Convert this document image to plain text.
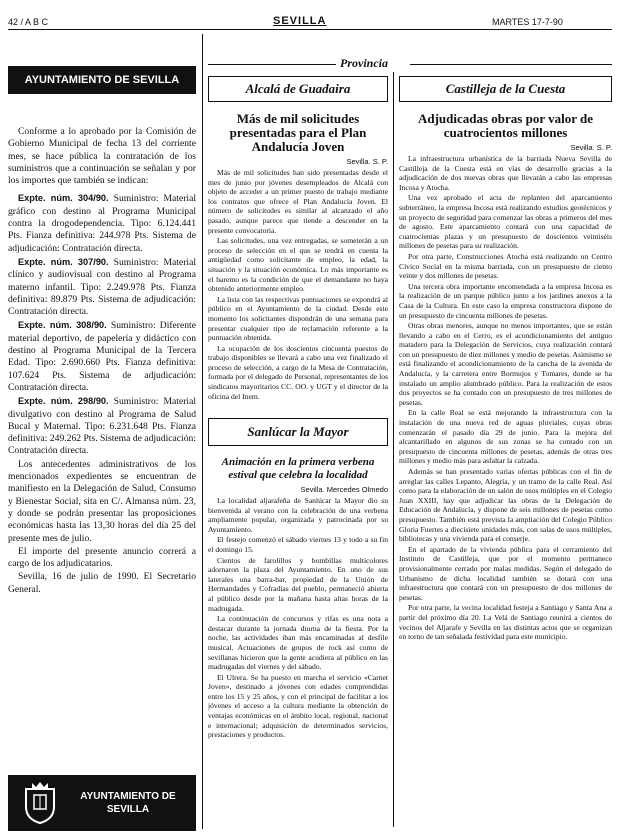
42 / A B C	SEVILLA	MARTES 17-7-90
Provincia
AYUNTAMIENTO DE SEVILLA

Conforme a lo aprobado por la Comisión de Gobierno Municipal de fecha 13 del corriente mes, se hace pública la contratación de los suministros que a continuación se señalan y por los importes que también se indican:

Expte. núm. 304/90. Suministro: Material gráfico con destino al Programa Municipal contra la drogodependencia. Tipo: 6.124.441 Pts. Fianza definitiva: 244.978 Pts. Sistema de adjudicación: Contratación directa.

Expte. núm. 307/90. Suministro: Material clínico y audiovisual con destino al Programa materno infantil. Tipo: 2.249.978 Pts. Fianza definitiva: 89.879 Pts. Sistema de adjudicación: Contratación directa.

Expte. núm. 308/90. Suministro: Diferente material deportivo, de papelería y didáctico con destino al Programa Municipal de la Tercera Edad. Tipo: 2.690.660 Pts. Fianza definitiva: 107.624 Pts. Sistema de adjudicación: Contratación directa.

Expte. núm. 298/90. Suministro: Material divulgativo con destino al Programa de Salud Bucal y Maternal. Tipo: 6.231.648 Pts. Fianza definitiva: 249.262 Pts. Sistema de adjudicación: Contratación directa.

Los antecedentes administrativos de los mencionados expedientes se encuentran de manifiesto en la Delegación de Salud, Consumo y Bienestar Social, sita en C/. Almansa núm. 23, y donde se podrán presentar las proposiciones económicas hasta las 13,30 horas del día 25 del presente mes de julio.

El importe del presente anuncio correrá a cargo de los adjudicatarios.

Sevilla, 16 de julio de 1990. El Secretario General.

AYUNTAMIENTO DE SEVILLA
Alcalá de Guadaira
Más de mil solicitudes presentadas para el Plan Andalucía Joven
Sevilla. S. P.

Más de mil solicitudes han sido presentadas desde el mes de junio por jóvenes desempleados de Alcalá con objeto de acceder a un primer puesto de trabajo mediante los contratos que ofrece el Plan Andalucía Joven. El número de solicitudes es similar al alcanzado el año pasado, aunque parece que tiende a descender en la presente convocatoria.

Las solicitudes, una vez entregadas, se someterán a un proceso de selección en el que se tendrá en cuenta la antigüedad como solicitante de empleo, la edad, la situación y la situación económica. Lo más importante es el baremo es la condición de que el demandante no haya obtenido anteriormente empleo.

La lista con las respectivas puntuaciones se expondrá al público en el Ayuntamiento de la ciudad. Desde este momento los solicitantes dispondrán de una semana para presentar cualquier tipo de reclamación referente a la puntuación obtenida.

La ocupación de los doscientos cincuenta puestos de trabajo disponibles se llevará a cabo una vez finalizado el proceso de selección, a cargo de la Mesa de Contratación, formada por el delegado de Personal, representantes de los sindicatos mayoritarios CC. OO. y UGT y el director de la oficina del Inem.

Sanlúcar la Mayor
Animación en la primera verbena estival que celebra la localidad
Sevilla. Mercedes Olmedo

La localidad aljarafeña de Sanlúcar la Mayor dio su bienvenida al verano con la celebración de una verbena ampliamente popular, organizada y patrocinada por su Ayuntamiento.

El festejo comenzó el sábado viernes 13 y todo a su fin el domingo 15.

Cientos de farolillos y bombillas multicolores adornaron la plaza del Ayuntamiento. En uno de sus laterales una barra-bar, propiedad de la Unión de Hermandades y Cofradías del pueblo, permaneció abierta al público desde por la mañana hasta altas horas de la madrugada.

La continuación de concursos y rifas es una nota a destacar durante la jornada diurna de la fiesta. Por la noche, las actividades iban más encaminadas al desfile musical. Actuaciones de grupos de rock así como de sevillanas hicieron que la gente acudiera al público en las madrugadas del viernes y del sábado.

El Ulrera. Se ha puesto en marcha el servicio «Carnet Joven», destinado a jóvenes con edades comprendidas entre los 15 y 25 años, y con el principal de facilitar a los jóvenes el acceso a la cultura mediante la obtención de ventajas económicas en el ámbito local, regional, nacional e internacional; adquisición de determinados servicios, prestaciones y productos.

Castilleja de la Cuesta
Adjudicadas obras por valor de cuatrocientos millones
Sevilla. S. P.

La infraestructura urbanística de la barriada Nueva Sevilla de Castilleja de la Cuesta está en vías de desarrollo gracias a la adjudicación de dos nuevas obras que llevarán a cabo las empresas Incosa y Atocha.

Una vez aprobado el acta de replanteo del aparcamiento subterráneo, la empresa Incosa está realizando estudios geotécnicos y un proyecto de seguridad para comenzar las obras a primeros del mes de agosto. Este aparcamiento contará con una capacidad de cuatrocientas plazas y un presupuesto de doscientos veintiséis millones de pesetas para su realización.

Por otra parte, Construcciones Atocha está realizando un Centro Cívico Social en la misma barriada, con un presupuesto de ciento veinte y dos millones de pesetas.

Una tercera obra importante encomendada a la empresa Incosa es la realización de un parque público junto a los jardines anexos a la Casa de la Cultura. En este caso la empresa constructora dispone de un presupuesto de cincuenta millones de pesetas.

Otras obras menores, aunque no menos importantes, que se están llevando a cabo en el Cerro, es el acondicionamiento del antiguo matadero para la Delegación de Servicios, cuya realización contará con un presupuesto de diez millones y medio de pesetas. Asimismo se está finalizando el acondicionamiento de la cancha de la avenida de Andalucía, y la carretera entre Bormujos y Tomares, donde se ha instalado un amplio alumbrado público. Para la realización de estos dos proyectos se ha contado con un presupuesto de tres millones de pesetas.

En la calle Real se está mejorando la infraestructura con la instalación de una nueva red de aguas pluviales, cuyas obras comenzarán el pasado día 29 de junio. Para la mejora del alcantarillado en algunos de sus zonas se ha contado con un presupuesto de cincuenta millones de pesetas, además de otras tres millones y medio más para asfaltar la calzada.

Además se han presentado varias ofertas públicas con el fin de arreglar las calles Lepanto, Alegría, y un tramo de la calle Real. Así como para la elaboración de un salón de usos múltiples en el Colegio Juan XXIII, hay que adjudicar las obras de la Delegación de Educación de Andalucía, y dispone de seis millones de pesetas como presupuesto. También está prevista la ampliación del Colegio Público Gloria Fuertes a diecisiete unidades más, con salas de usos múltiples, bibliotecas y una vivienda para el conserje.

En el apartado de la vivienda pública para el cerramiento del Instituto de Castilleja, que por el momento permanece provisionalmente cerrado por malas medidas. Según el delegado de Urbanismo de dicha localidad también se dotará con una infraestructura que contará con un presupuesto de dos millones de pesetas.

Por otra parte, la vecina localidad festeja a Santiago y Santa Ana a partir del próximo día 20. La Velá de Santiago reunirá a cientos de vecinos del Aljarafe y Sevilla en las distintas actos que se organizan en torno de tan señalada festividad para este municipio.
